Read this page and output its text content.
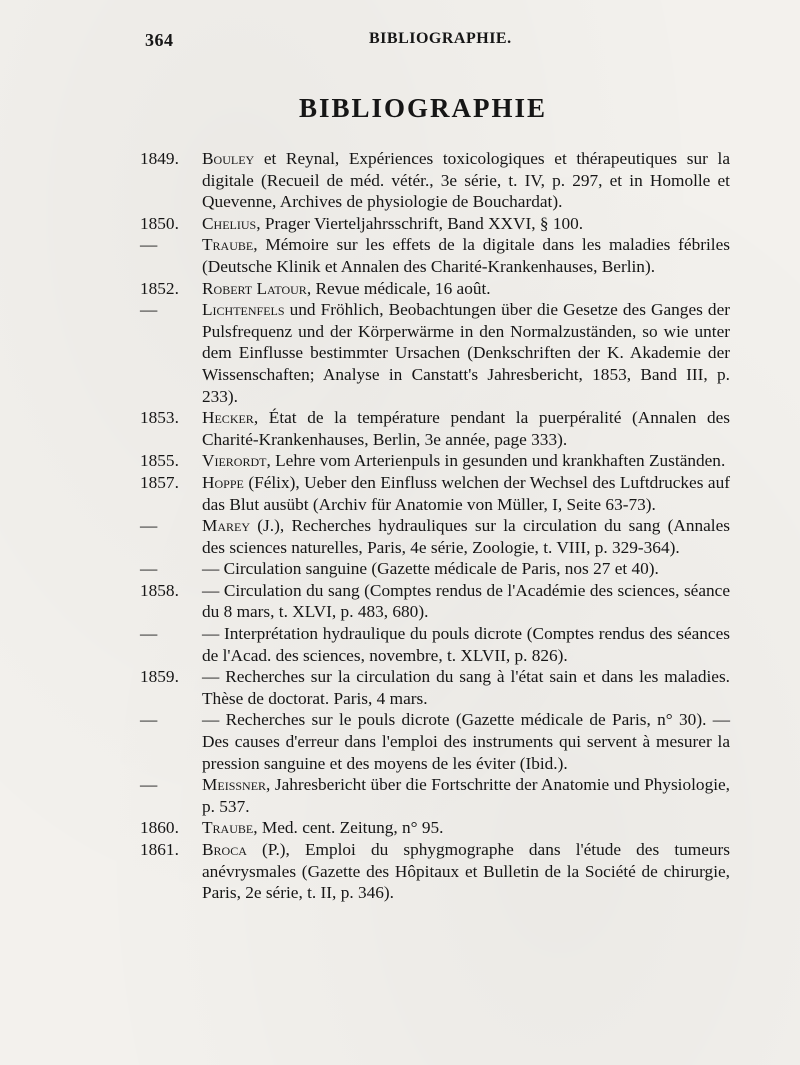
364	BIBLIOGRAPHIE.
BIBLIOGRAPHIE
1849.	Bouley et Reynal, Expériences toxicologiques et thérapeutiques sur la digitale (Recueil de méd. vétér., 3e série, t. IV, p. 297, et in Homolle et Quevenne, Archives de physiologie de Bouchardat).
1850.	Chelius, Prager Vierteljahrsschrift, Band XXVI, § 100.
—	Traube, Mémoire sur les effets de la digitale dans les maladies fébriles (Deutsche Klinik et Annalen des Charité-Krankenhauses, Berlin).
1852.	Robert Latour, Revue médicale, 16 août.
—	Lichtenfels und Fröhlich, Beobachtungen über die Gesetze des Ganges der Pulsfrequenz und der Körperwärme in den Normalzuständen, so wie unter dem Einflusse bestimmter Ursachen (Denkschriften der K. Akademie der Wissenschaften; Analyse in Canstatt's Jahresbericht, 1853, Band III, p. 233).
1853.	Hecker, État de la température pendant la puerpéralité (Annalen des Charité-Krankenhauses, Berlin, 3e année, page 333).
1855.	Vierordt, Lehre vom Arterienpuls in gesunden und krankhaften Zuständen.
1857.	Hoppe (Félix), Ueber den Einfluss welchen der Wechsel des Luftdruckes auf das Blut ausübt (Archiv für Anatomie von Müller, I, Seite 63-73).
—	Marey (J.), Recherches hydrauliques sur la circulation du sang (Annales des sciences naturelles, Paris, 4e série, Zoologie, t. VIII, p. 329-364).
—	— Circulation sanguine (Gazette médicale de Paris, nos 27 et 40).
1858.	— Circulation du sang (Comptes rendus de l'Académie des sciences, séance du 8 mars, t. XLVI, p. 483, 680).
—	— Interprétation hydraulique du pouls dicrote (Comptes rendus des séances de l'Acad. des sciences, novembre, t. XLVII, p. 826).
1859.	— Recherches sur la circulation du sang à l'état sain et dans les maladies. Thèse de doctorat. Paris, 4 mars.
—	— Recherches sur le pouls dicrote (Gazette médicale de Paris, n° 30). — Des causes d'erreur dans l'emploi des instruments qui servent à mesurer la pression sanguine et des moyens de les éviter (Ibid.).
—	Meissner, Jahresbericht über die Fortschritte der Anatomie und Physiologie, p. 537.
1860.	Traube, Med. cent. Zeitung, n° 95.
1861.	Broca (P.), Emploi du sphygmographe dans l'étude des tumeurs anévrysmales (Gazette des Hôpitaux et Bulletin de la Société de chirurgie, Paris, 2e série, t. II, p. 346).
